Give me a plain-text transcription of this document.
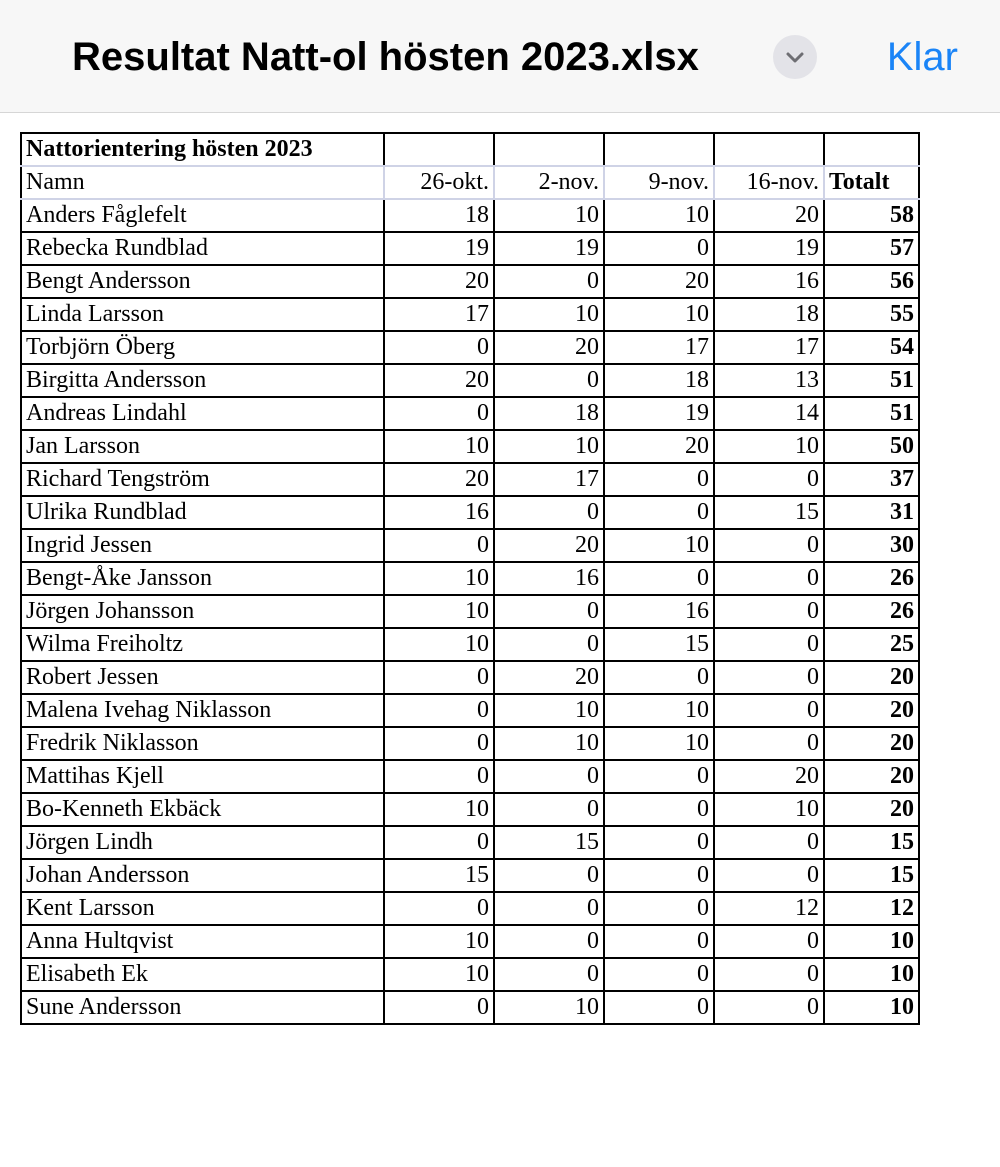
Resultat Natt-ol hösten 2023.xlsx	Klar
Nattorientering hösten 2023					
Namn	26-okt.	2-nov.	9-nov.	16-nov.	Totalt
Anders Fåglefelt	18	10	10	20	58
Rebecka Rundblad	19	19	0	19	57
Bengt Andersson	20	0	20	16	56
Linda Larsson	17	10	10	18	55
Torbjörn Öberg	0	20	17	17	54
Birgitta Andersson	20	0	18	13	51
Andreas Lindahl	0	18	19	14	51
Jan Larsson	10	10	20	10	50
Richard Tengström	20	17	0	0	37
Ulrika Rundblad	16	0	0	15	31
Ingrid Jessen	0	20	10	0	30
Bengt-Åke Jansson	10	16	0	0	26
Jörgen Johansson	10	0	16	0	26
Wilma Freiholtz	10	0	15	0	25
Robert Jessen	0	20	0	0	20
Malena Ivehag Niklasson	0	10	10	0	20
Fredrik Niklasson	0	10	10	0	20
Mattihas Kjell	0	0	0	20	20
Bo-Kenneth Ekbäck	10	0	0	10	20
Jörgen Lindh	0	15	0	0	15
Johan Andersson	15	0	0	0	15
Kent Larsson	0	0	0	12	12
Anna Hultqvist	10	0	0	0	10
Elisabeth Ek	10	0	0	0	10
Sune Andersson	0	10	0	0	10
